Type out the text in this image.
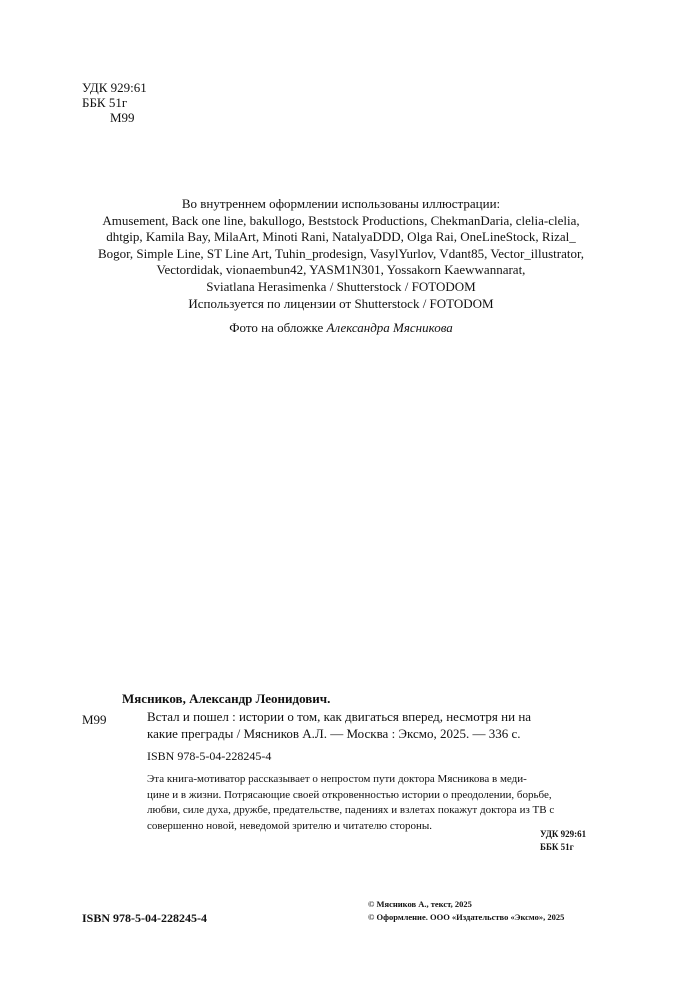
УДК 929:61
ББК 51г
М99
Во внутреннем оформлении использованы иллюстрации:
Amusement, Back one line, bakullogo, Beststock Productions, ChekmanDaria, clelia-clelia,
dhtgip, Kamila Bay, MilaArt, Minoti Rani, NatalyaDDD, Olga Rai, OneLineStock, Rizal_
Bogor, Simple Line, ST Line Art, Tuhin_prodesign, VasylYurlov, Vdant85, Vector_illustrator,
Vectordidak, vionaembun42, YASM1N301, Yossakorn Kaewwannarat,
Sviatlana Herasimenka / Shutterstock / FOTODOM
Используется по лицензии от Shutterstock / FOTODOM
Фото на обложке Александра Мясникова
Мясников, Александр Леонидович.
М99	Встал и пошел : истории о том, как двигаться вперед, несмотря ни на
какие преграды / Мясников А.Л. — Москва : Эксмо, 2025. — 336 с.
ISBN 978-5-04-228245-4
Эта книга-мотиватор рассказывает о непростом пути доктора Мясникова в меди-
цине и в жизни. Потрясающие своей откровенностью истории о преодолении, борьбе,
любви, силе духа, дружбе, предательстве, падениях и взлетах покажут доктора из ТВ с
совершенно новой, неведомой зрителю и читателю стороны.
УДК 929:61
ББК 51г
ISBN 978-5-04-228245-4
© Мясников А., текст, 2025
© Оформление. ООО «Издательство «Эксмо», 2025
